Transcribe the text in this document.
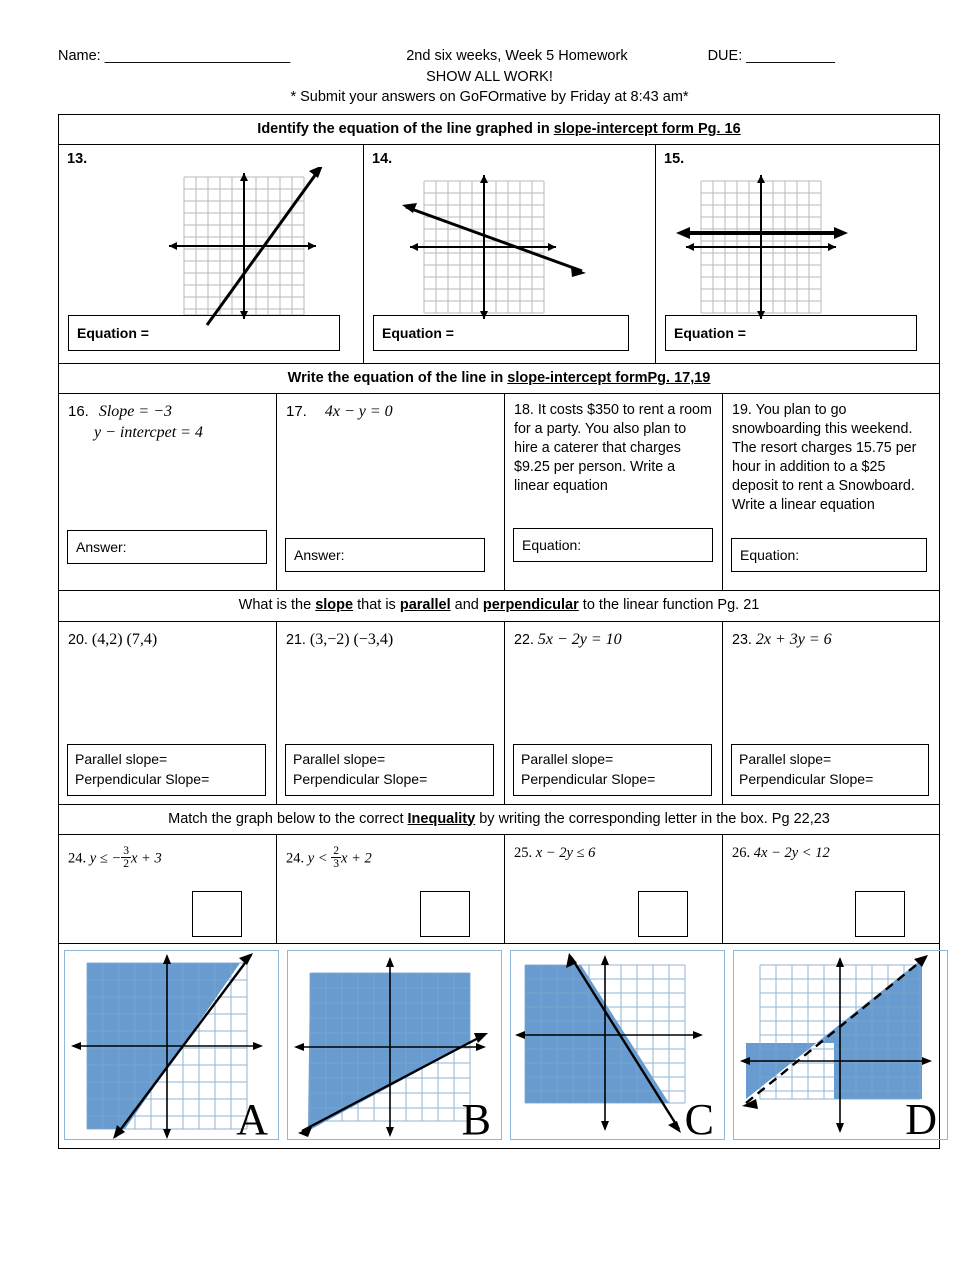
Name: _______________________	2nd six weeks, Week 5 Homework	DUE: ___________
SHOW ALL WORK!
* Submit your answers on GoFOrmative by Friday at 8:43 am*
Identify the equation of the line graphed in slope-intercept form Pg. 16
13.
Equation =
14.
Equation =
15.
Equation =
Write the equation of the line in slope-intercept formPg. 17,19
16. Slope = −3
y − intercpet = 4
Answer:
17. 4x − y = 0
Answer:
18. It costs $350 to rent a room for a party. You also plan to hire a caterer that charges $9.25 per person. Write a linear equation
Equation:
19. You plan to go snowboarding this weekend. The resort charges 15.75 per hour in addition to a $25 deposit to rent a Snowboard. Write a linear equation
Equation:
What is the slope that is parallel and perpendicular to the linear function Pg. 21
20. (4,2) (7,4)
Parallel slope=
Perpendicular Slope=
21. (3,−2) (−3,4)
Parallel slope=
Perpendicular Slope=
22. 5x − 2y = 10
Parallel slope=
Perpendicular Slope=
23. 2x + 3y = 6
Parallel slope=
Perpendicular Slope=
Match the graph below to the correct Inequality by writing the corresponding letter in the box. Pg 22,23
24. y ≤ − $\frac{3}{2}$ x + 3	24. $y < \frac{2}{3}$ x + 2	25. x − 2y ≤ 6	26. 4x − 2y < 12
A	B	C	D
